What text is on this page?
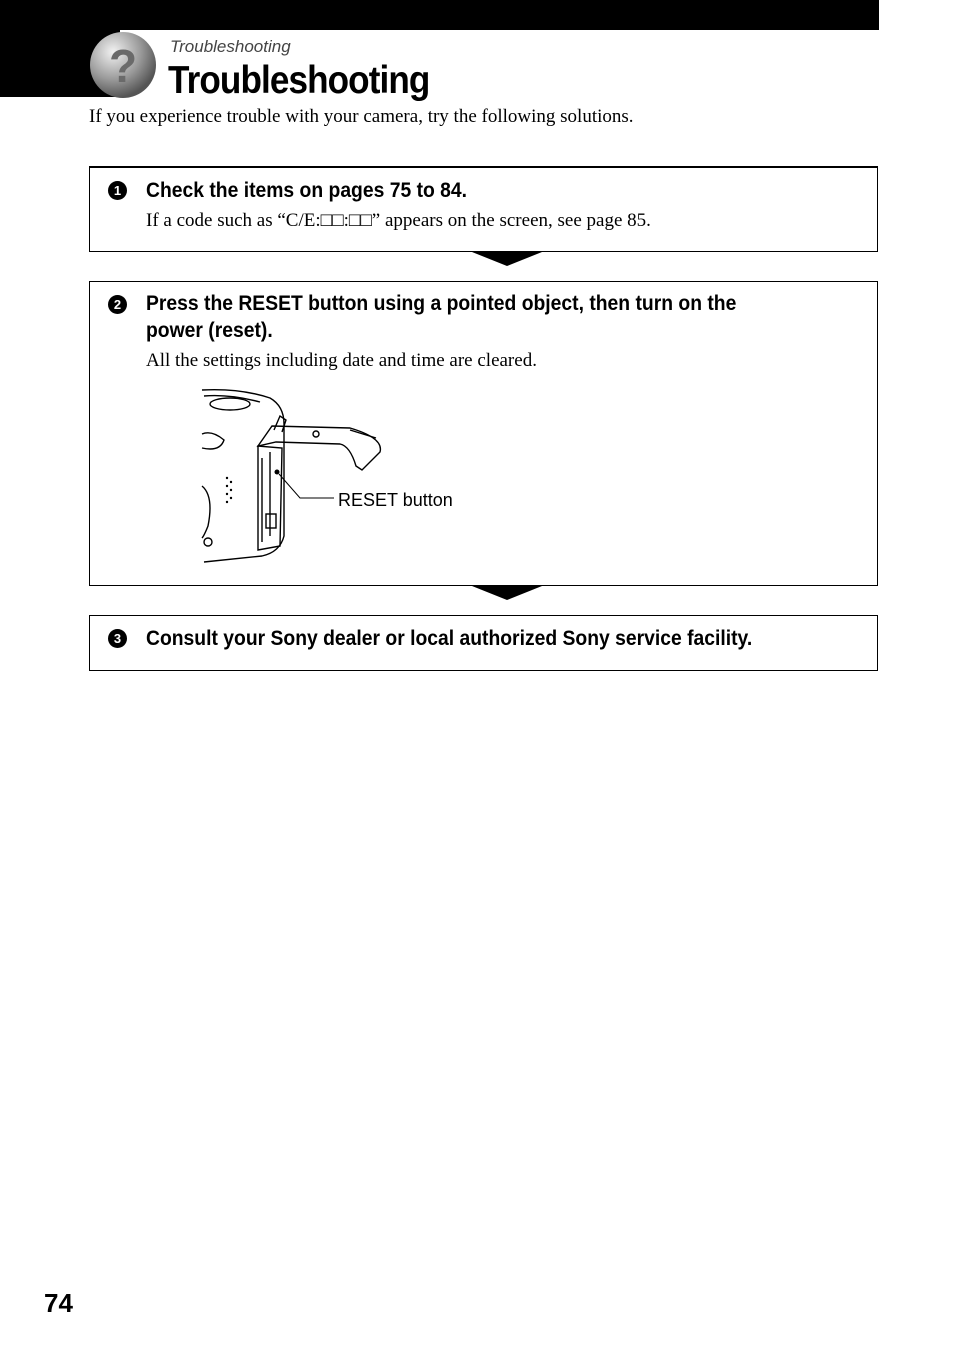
? Troubleshooting
Troubleshooting
If you experience trouble with your camera, try the following solutions.
1 Check the items on pages 75 to 84.
If a code such as “C/E:□□:□□” appears on the screen, see page 85.
2 Press the RESET button using a pointed object, then turn on the power (reset).
All the settings including date and time are cleared.
RESET button
3 Consult your Sony dealer or local authorized Sony service facility.
74
